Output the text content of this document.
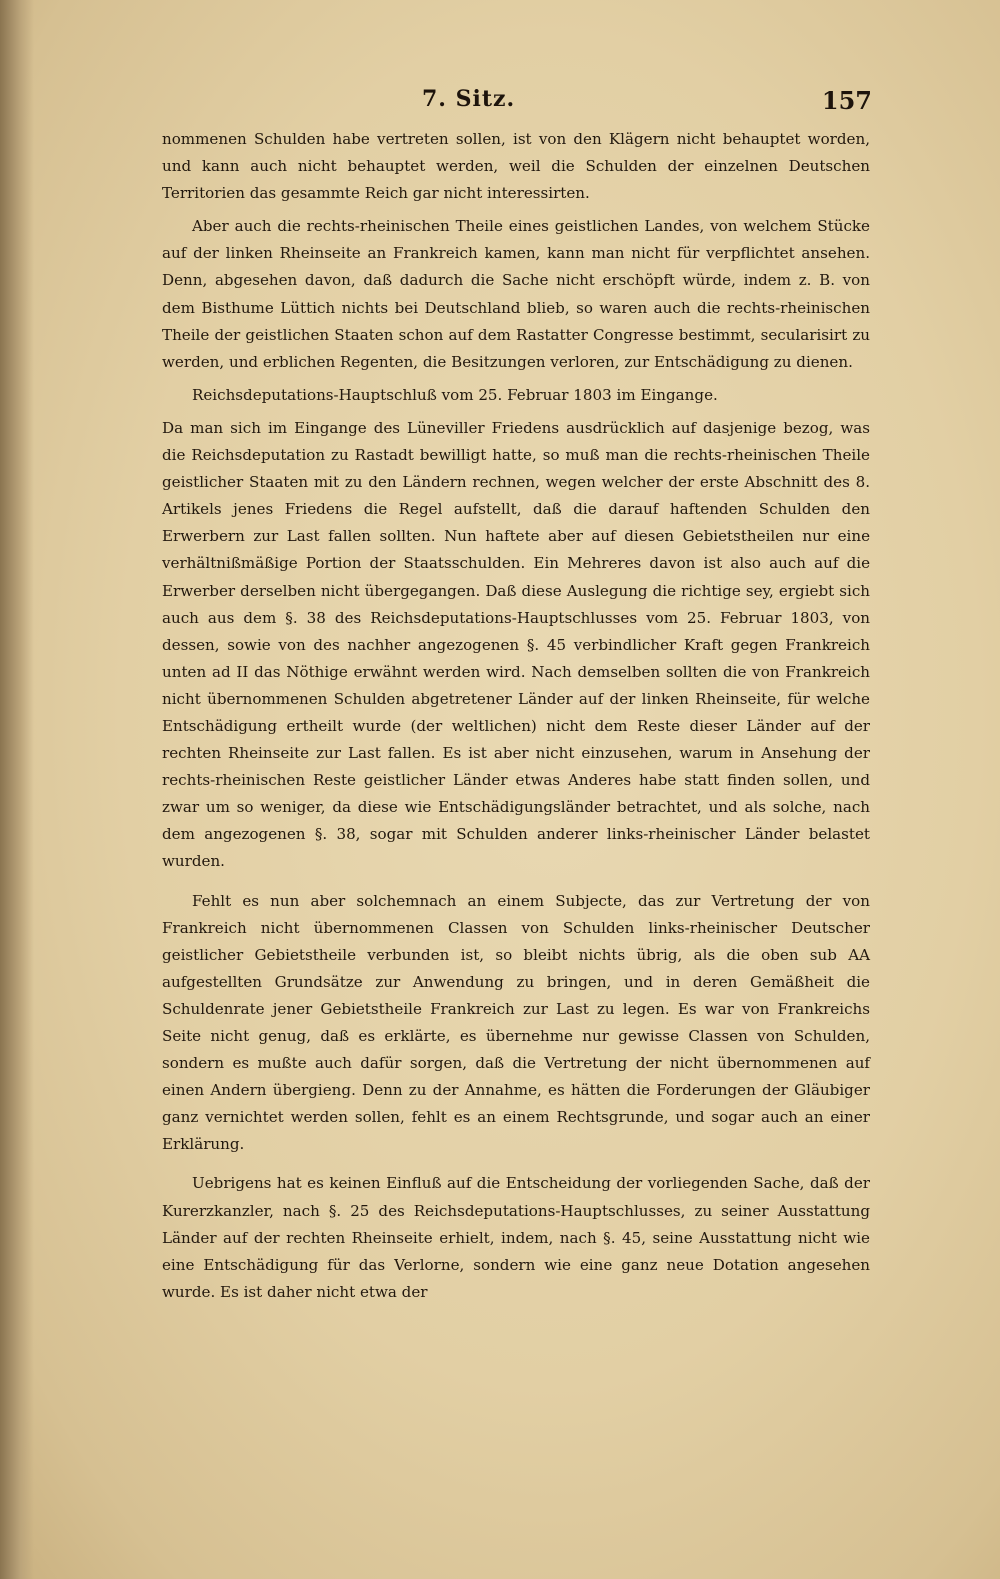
7. Sitz.	157

nommenen Schulden habe vertreten sollen, ist von den Klägern nicht behauptet worden, und kann auch nicht behauptet werden, weil die Schulden der einzelnen Deutschen Territorien das gesammte Reich gar nicht interessirten.

Aber auch die rechts-rheinischen Theile eines geistlichen Landes, von welchem Stücke auf der linken Rheinseite an Frankreich kamen, kann man nicht für verpflichtet ansehen. Denn, abgesehen davon, daß dadurch die Sache nicht erschöpft würde, indem z. B. von dem Bisthume Lüttich nichts bei Deutschland blieb, so waren auch die rechts-rheinischen Theile der geistlichen Staaten schon auf dem Rastatter Congresse bestimmt, secularisirt zu werden, und erblichen Regenten, die Besitzungen verloren, zur Entschädigung zu dienen.

Reichsdeputations-Hauptschluß vom 25. Februar 1803 im Eingange.

Da man sich im Eingange des Lüneviller Friedens ausdrücklich auf dasjenige bezog, was die Reichsdeputation zu Rastadt bewilligt hatte, so muß man die rechts-rheinischen Theile geistlicher Staaten mit zu den Ländern rechnen, wegen welcher der erste Abschnitt des 8. Artikels jenes Friedens die Regel aufstellt, daß die darauf haftenden Schulden den Erwerbern zur Last fallen sollten. Nun haftete aber auf diesen Gebietstheilen nur eine verhältnißmäßige Portion der Staatsschulden. Ein Mehreres davon ist also auch auf die Erwerber derselben nicht übergegangen. Daß diese Auslegung die richtige sey, ergiebt sich auch aus dem §. 38 des Reichsdeputations-Hauptschlusses vom 25. Februar 1803, von dessen, sowie von des nachher angezogenen §. 45 verbindlicher Kraft gegen Frankreich unten ad II das Nöthige erwähnt werden wird. Nach demselben sollten die von Frankreich nicht übernommenen Schulden abgetretener Länder auf der linken Rheinseite, für welche Entschädigung ertheilt wurde (der weltlichen) nicht dem Reste dieser Länder auf der rechten Rheinseite zur Last fallen. Es ist aber nicht einzusehen, warum in Ansehung der rechts-rheinischen Reste geistlicher Länder etwas Anderes habe statt finden sollen, und zwar um so weniger, da diese wie Entschädigungsländer betrachtet, und als solche, nach dem angezogenen §. 38, sogar mit Schulden anderer links-rheinischer Länder belastet wurden.

Fehlt es nun aber solchemnach an einem Subjecte, das zur Vertretung der von Frankreich nicht übernommenen Classen von Schulden links-rheinischer Deutscher geistlicher Gebietstheile verbunden ist, so bleibt nichts übrig, als die oben sub AA aufgestellten Grundsätze zur Anwendung zu bringen, und in deren Gemäßheit die Schuldenrate jener Gebietstheile Frankreich zur Last zu legen. Es war von Frankreichs Seite nicht genug, daß es erklärte, es übernehme nur gewisse Classen von Schulden, sondern es mußte auch dafür sorgen, daß die Vertretung der nicht übernommenen auf einen Andern übergieng. Denn zu der Annahme, es hätten die Forderungen der Gläubiger ganz vernichtet werden sollen, fehlt es an einem Rechtsgrunde, und sogar auch an einer Erklärung.

Uebrigens hat es keinen Einfluß auf die Entscheidung der vorliegenden Sache, daß der Kurerzkanzler, nach §. 25 des Reichsdeputations-Hauptschlusses, zu seiner Ausstattung Länder auf der rechten Rheinseite erhielt, indem, nach §. 45, seine Ausstattung nicht wie eine Entschädigung für das Verlorne, sondern wie eine ganz neue Dotation angesehen wurde. Es ist daher nicht etwa der
